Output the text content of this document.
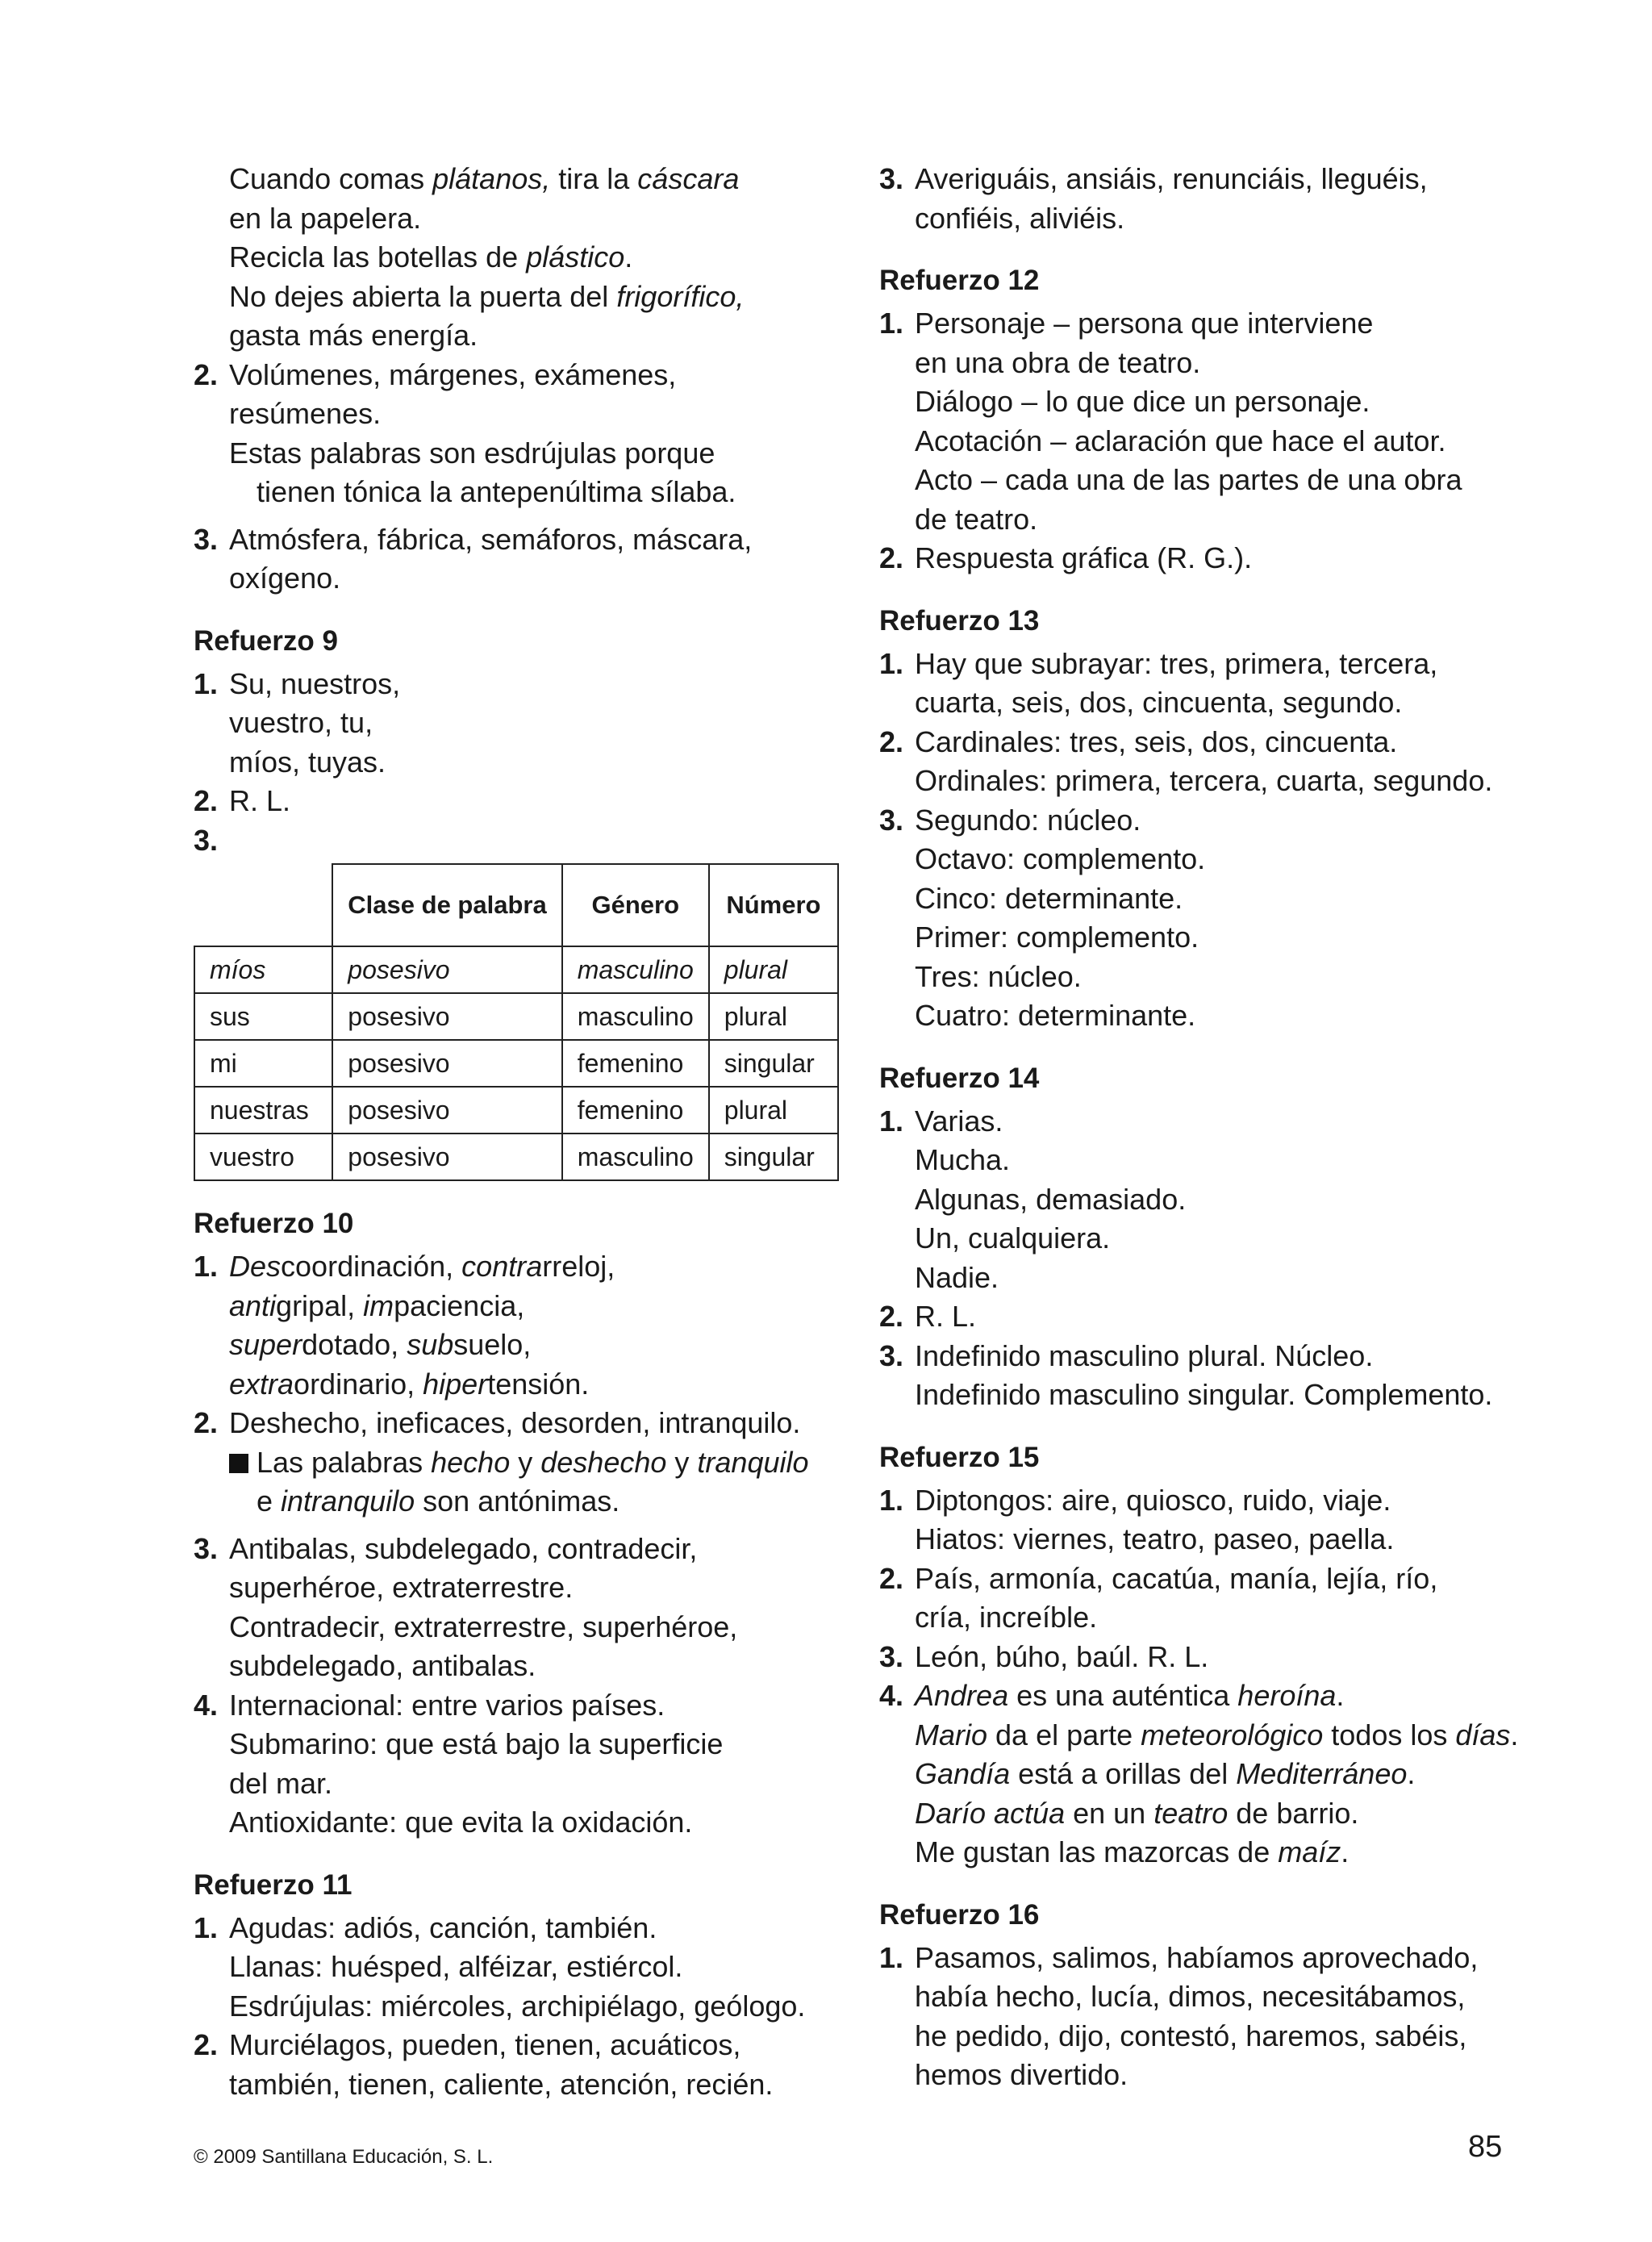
Cuando comas plátanos, tira la cáscara
en la papelera.
Recicla las botellas de plástico.
No dejes abierta la puerta del frigorífico,
gasta más energía.
2. Volúmenes, márgenes, exámenes,
resúmenes.
Estas palabras son esdrújulas porque
tienen tónica la antepenúltima sílaba.
3. Atmósfera, fábrica, semáforos, máscara,
oxígeno.
Refuerzo 9
1. Su, nuestros,
vuestro, tu,
míos, tuyas.
2. R. L.
3.

	Clase de palabra	Género	Número
míos	posesivo	masculino	plural
sus	posesivo	masculino	plural
mi	posesivo	femenino	singular
nuestras	posesivo	femenino	plural
vuestro	posesivo	masculino	singular
Refuerzo 10
1. Descoordinación, contrarreloj,
antigripal, impaciencia,
superdotado, subsuelo,
extraordinario, hipertensión.
2. Deshecho, ineficaces, desorden, intranquilo.
Las palabras hecho y deshecho y tranquilo
e intranquilo son antónimas.
3. Antibalas, subdelegado, contradecir,
superhéroe, extraterrestre.
Contradecir, extraterrestre, superhéroe,
subdelegado, antibalas.
4. Internacional: entre varios países.
Submarino: que está bajo la superficie
del mar.
Antioxidante: que evita la oxidación.
Refuerzo 11
1. Agudas: adiós, canción, también.
Llanas: huésped, alféizar, estiércol.
Esdrújulas: miércoles, archipiélago, geólogo.
2. Murciélagos, pueden, tienen, acuáticos,
también, tienen, caliente, atención, recién.
3. Averiguáis, ansiáis, renunciáis, lleguéis,
confiéis, aliviéis.
Refuerzo 12
1. Personaje – persona que interviene
en una obra de teatro.
Diálogo – lo que dice un personaje.
Acotación – aclaración que hace el autor.
Acto – cada una de las partes de una obra
de teatro.
2. Respuesta gráfica (R. G.).
Refuerzo 13
1. Hay que subrayar: tres, primera, tercera,
cuarta, seis, dos, cincuenta, segundo.
2. Cardinales: tres, seis, dos, cincuenta.
Ordinales: primera, tercera, cuarta, segundo.
3. Segundo: núcleo.
Octavo: complemento.
Cinco: determinante.
Primer: complemento.
Tres: núcleo.
Cuatro: determinante.
Refuerzo 14
1. Varias.
Mucha.
Algunas, demasiado.
Un, cualquiera.
Nadie.
2. R. L.
3. Indefinido masculino plural. Núcleo.
Indefinido masculino singular. Complemento.
Refuerzo 15
1. Diptongos: aire, quiosco, ruido, viaje.
Hiatos: viernes, teatro, paseo, paella.
2. País, armonía, cacatúa, manía, lejía, río,
cría, increíble.
3. León, búho, baúl. R. L.
4. Andrea es una auténtica heroína.
Mario da el parte meteorológico todos los días.
Gandía está a orillas del Mediterráneo.
Darío actúa en un teatro de barrio.
Me gustan las mazorcas de maíz.
Refuerzo 16
1. Pasamos, salimos, habíamos aprovechado,
había hecho, lucía, dimos, necesitábamos,
he pedido, dijo, contestó, haremos, sabéis,
hemos divertido.
© 2009 Santillana Educación, S. L.	85
